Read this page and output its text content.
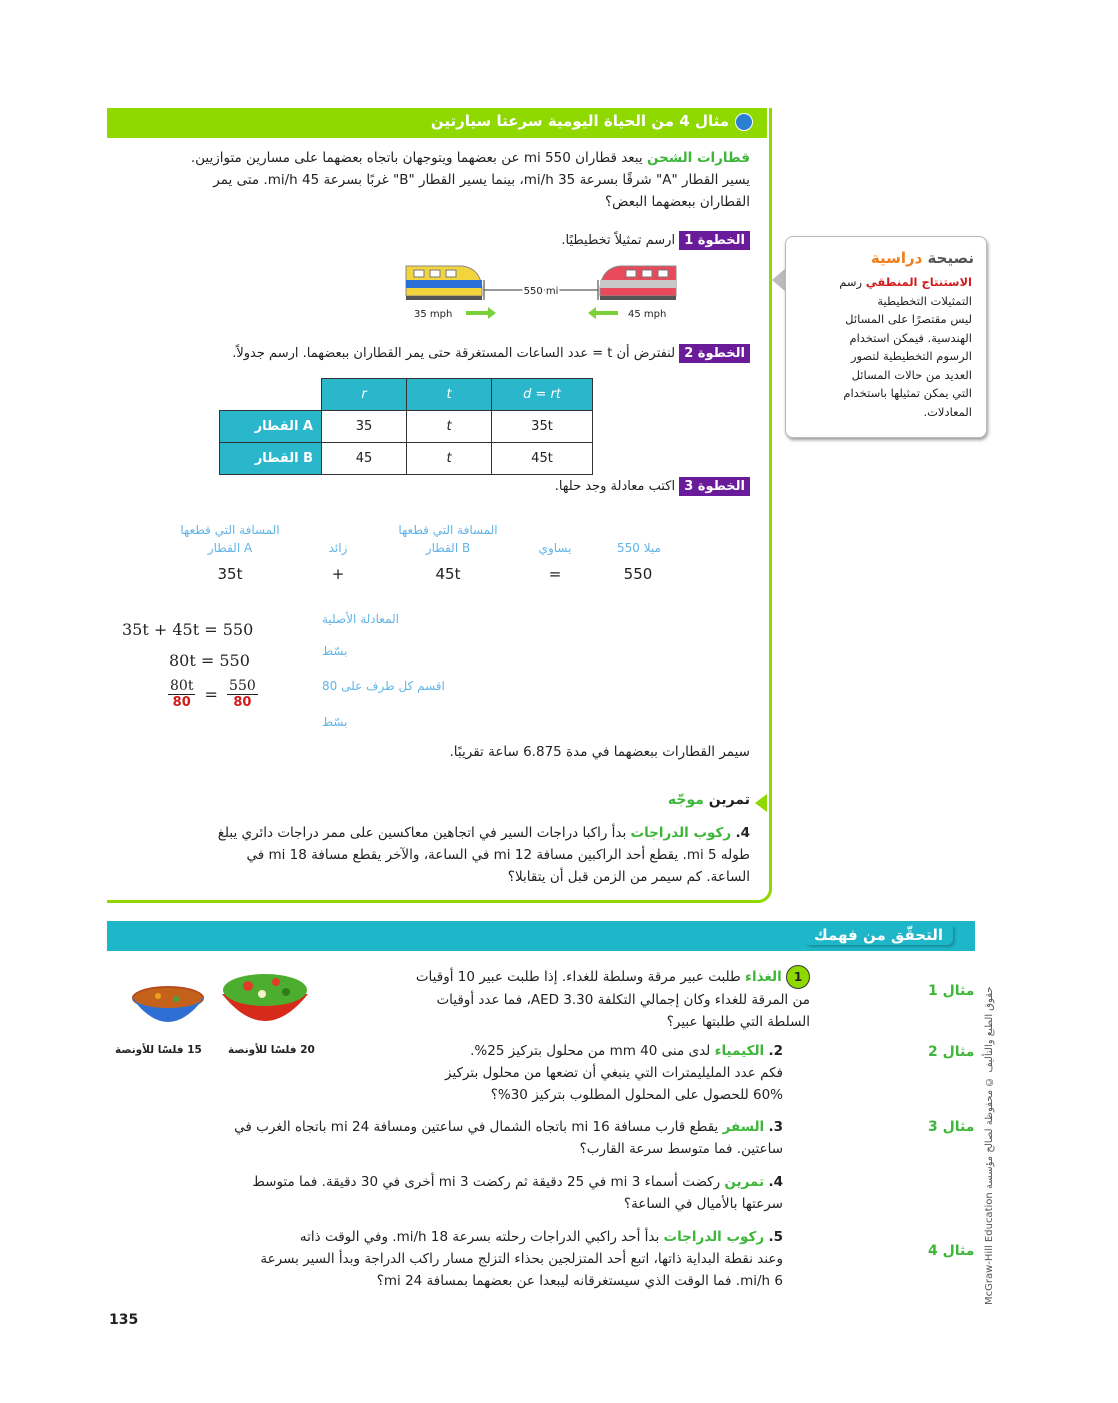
مثال 4 من الحياة اليومية سرعتا سيارتين
قطارات الشحن يبعد قطاران 550 mi عن بعضهما ويتوجهان باتجاه بعضهما على مسارين متوازيين.
يسير القطار "A" شرقًا بسرعة 35 mi/h، بينما يسير القطار "B" غربًا بسرعة 45 mi/h. متى يمر
القطاران ببعضهما البعض؟
الخطوة 1 ارسم تمثيلاً تخطيطيًا.
550 mi
35 mph	45 mph
الخطوة 2 لنفترض أن t = عدد الساعات المستغرقة حتى يمر القطاران ببعضهما. ارسم جدولاً.
	r	t	d = rt
القطار A	35	t	35t
القطار B	45	t	45t
الخطوة 3 اكتب معادلة وجد حلها.
المسافة التي قطعها
القطار A	زائد
المسافة التي قطعها
القطار B	يساوي	550 ميلا
35t	+	45t	=	550
35t + 45t = 550
المعادلة الأصلية
80t = 550	بسّط
$\frac{80t}{80} = \frac{550}{80}$	اقسم كل طرف على 80
بسّط
سيمر القطارات ببعضهما في مدة 6.875 ساعة تقريبًا.
تمرين موجّه
4. ركوب الدراجات بدأ راكبا دراجات السير في اتجاهين معاكسين على ممر دراجات دائري يبلغ
طوله 5 mi. يقطع أحد الراكبين مسافة 12 mi في الساعة، والآخر يقطع مسافة 18 mi في
الساعة. كم سيمر من الزمن قبل أن يتقابلا؟
نصيحة دراسية
الاستنتاج المنطقي رسم
التمثيلات التخطيطية
ليس مقتصرًا على المسائل
الهندسية. فيمكن استخدام
الرسوم التخطيطية لتصور
العديد من حالات المسائل
التي يمكن تمثيلها باستخدام
المعادلات.
التحقّق من فهمك
مثال 1
مثال 2
مثال 3
مثال 4
1 الغذاء طلبت عبير مرقة وسلطة للغداء. إذا طلبت عبير 10 أوقيات
من المرقة للغداء وكان إجمالي التكلفة 3.30 AED، فما عدد أوقيات
السلطة التي طلبتها عبير؟
20 فلسًا للأونصة
15 فلسًا للأونصة	2. الكيمياء لدى منى 40 mm من محلول بتركيز 25%.
فكم عدد المليليمترات التي ينبغي أن تضعها من محلول بتركيز
60% للحصول على المحلول المطلوب بتركيز 30%؟
3. السفر يقطع قارب مسافة 16 mi باتجاه الشمال في ساعتين ومسافة 24 mi باتجاه الغرب في
ساعتين. فما متوسط سرعة القارب؟
4. تمرين ركضت أسماء 3 mi في 25 دقيقة ثم ركضت 3 mi أخرى في 30 دقيقة. فما متوسط
سرعتها بالأميال في الساعة؟
5. ركوب الدراجات بدأ أحد راكبي الدراجات رحلته بسرعة 18 mi/h. وفي الوقت ذاته
وعند نقطة البداية ذاتها، اتبع أحد المتزلجين بحذاء التزلج مسار راكب الدراجة وبدأ السير بسرعة
6 mi/h. فما الوقت الذي سيستغرقانه ليبعدا عن بعضهما بمسافة 24 mi؟	McGraw-Hill Education حقوق الطبع والتأليف © محفوظة لصالح مؤسسة
135
